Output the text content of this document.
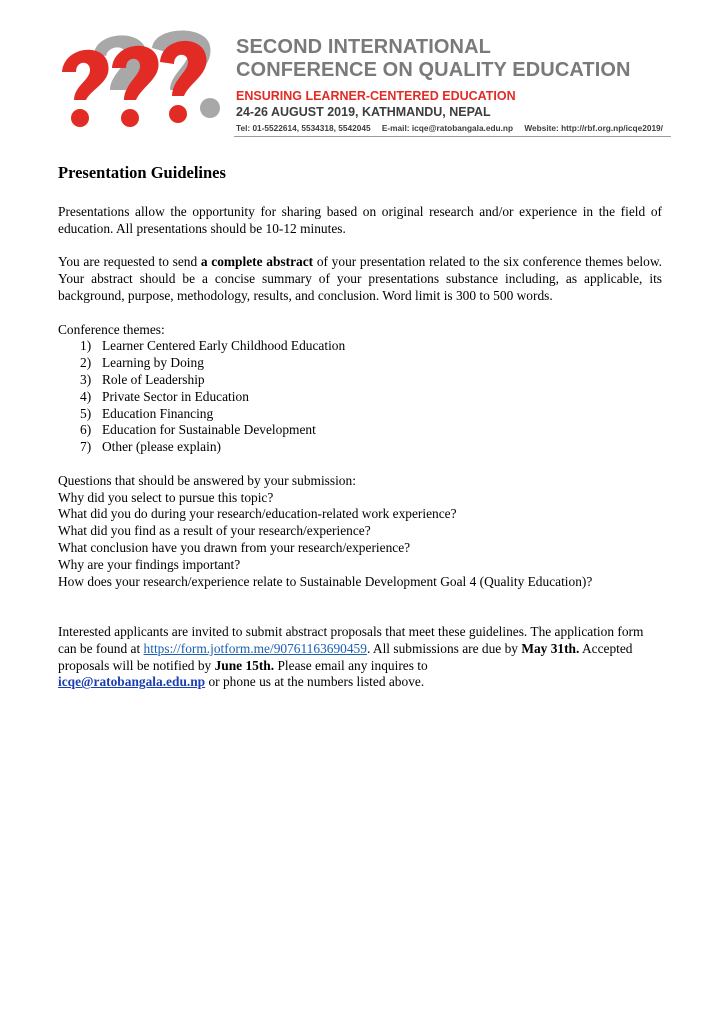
SECOND INTERNATIONAL
CONFERENCE ON QUALITY EDUCATION
ENSURING LEARNER-CENTERED EDUCATION
24-26 AUGUST 2019, KATHMANDU, NEPAL
Tel: 01-5522614, 5534318, 5542045 E-mail: icqe@ratobangala.edu.np Website: http://rbf.org.np/icqe2019/
Presentation Guidelines

Presentations allow the opportunity for sharing based on original research and/or experience in the field of education. All presentations should be 10-12 minutes.

You are requested to send a complete abstract of your presentation related to the six conference themes below. Your abstract should be a concise summary of your presentations substance including, as applicable, its background, purpose, methodology, results, and conclusion. Word limit is 300 to 500 words.

Conference themes:

1) Learner Centered Early Childhood Education
2) Learning by Doing
3) Role of Leadership
4) Private Sector in Education
5) Education Financing
6) Education for Sustainable Development
7) Other (please explain)

Questions that should be answered by your submission:

Why did you select to pursue this topic?

What did you do during your research/education-related work experience?

What did you find as a result of your research/experience?

What conclusion have you drawn from your research/experience?

Why are your findings important?

How does your research/experience relate to Sustainable Development Goal 4 (Quality Education)?

Interested applicants are invited to submit abstract proposals that meet these guidelines. The application form can be found at https://form.jotform.me/90761163690459. All submissions are due by May 31th. Accepted proposals will be notified by June 15th. Please email any inquires to
icqe@ratobangala.edu.np or phone us at the numbers listed above.
